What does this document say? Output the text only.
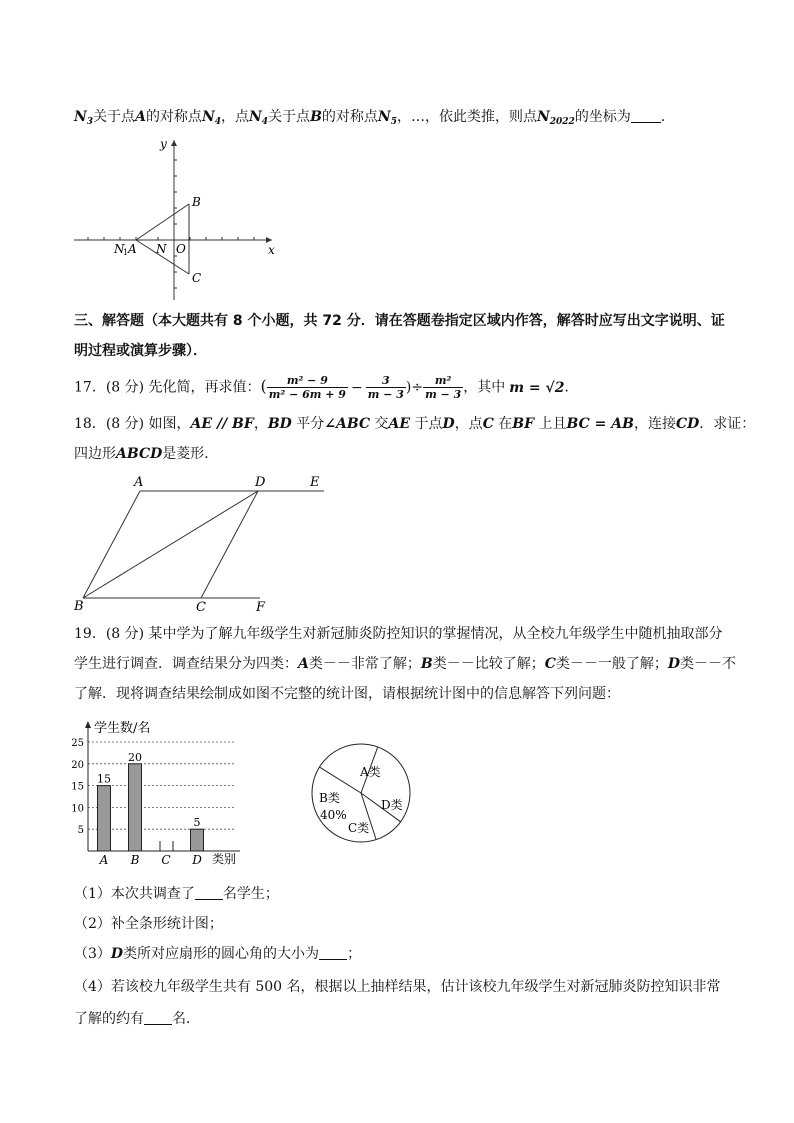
$N_3$关于点A的对称点$N_4$，点$N_4$关于点B的对称点$N_5$，…，依此类推，则点$N_{2022}$的坐标为 ．
y
x
B
C
O
N
N
1 A
三、解答题（本大题共有 8 个小题，共 72 分．请在答题卷指定区域内作答，解答时应写出文字说明、证
明过程或演算步骤）．
17．(8 分) 先化简，再求值：( $\frac{\text{m² − 9}}{\text{m² − 6m + 9}} - \frac{3}{m - 3}$ )÷ $\frac{\text{m²}}{m - 3}$ ，其中 m = √2．
18．(8 分) 如图，AE // BF，BD 平分∠ABC 交AE 于点D，点C 在BF 上且BC = AB，连接CD．求证：
四边形ABCD是菱形．
A	D	E
B	C	F
19．(8 分) 某中学为了解九年级学生对新冠肺炎防控知识的掌握情况，从全校九年级学生中随机抽取部分
学生进行调查．调查结果分为四类：A类－－非常了解；B类－－比较了解；C类－－一般了解；D类－－不
了解．现将调查结果绘制成如图不完整的统计图，请根据统计图中的信息解答下列问题：
学生数/名
类别
5
10
15
20
25
15
A
20
B C
5
D
A类
B类
40%
C类
D类
（1）本次共调查了 名学生；
（2）补全条形统计图；
（3）D类所对应扇形的圆心角的大小为 ；
（4）若该校九年级学生共有 500 名，根据以上抽样结果，估计该校九年级学生对新冠肺炎防控知识非常
了解的约有 名．
